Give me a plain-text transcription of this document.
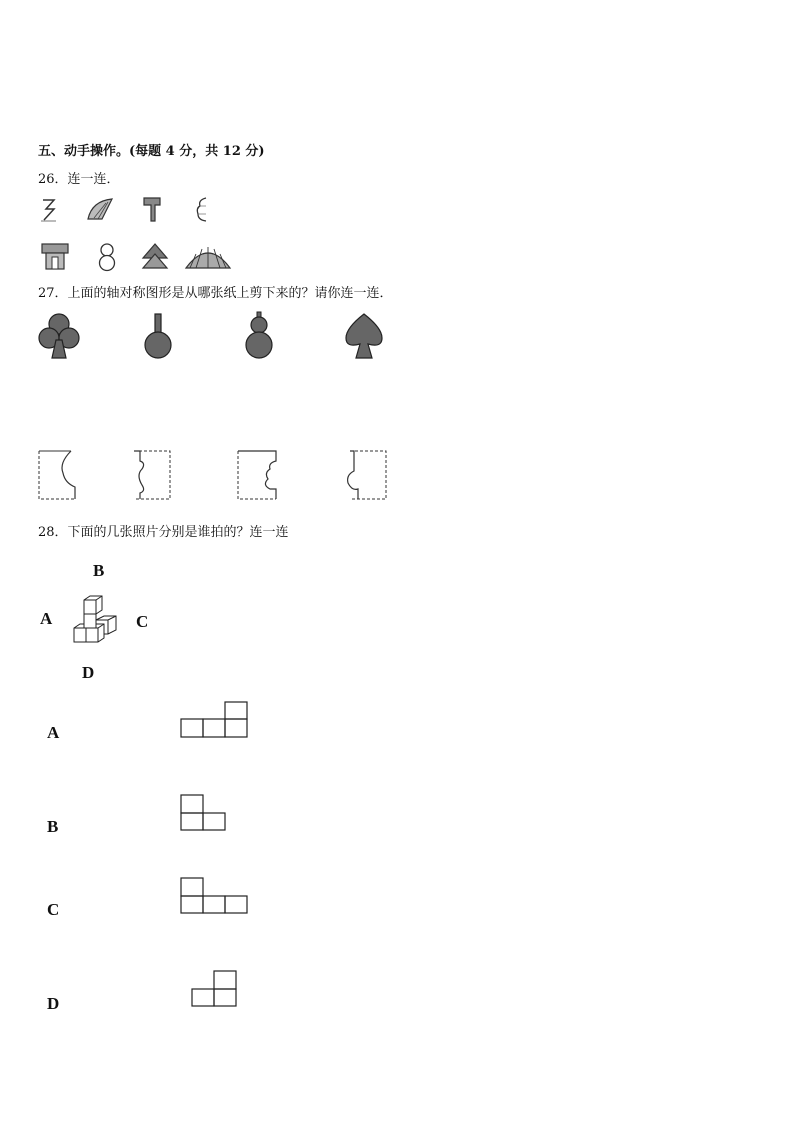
五、动手操作。(每题 4 分，共 12 分)
26．连一连．
27．上面的轴对称图形是从哪张纸上剪下来的？请你连一连．
28．下面的几张照片分别是谁拍的？连一连
B
A	C
D
A
B
C
D
